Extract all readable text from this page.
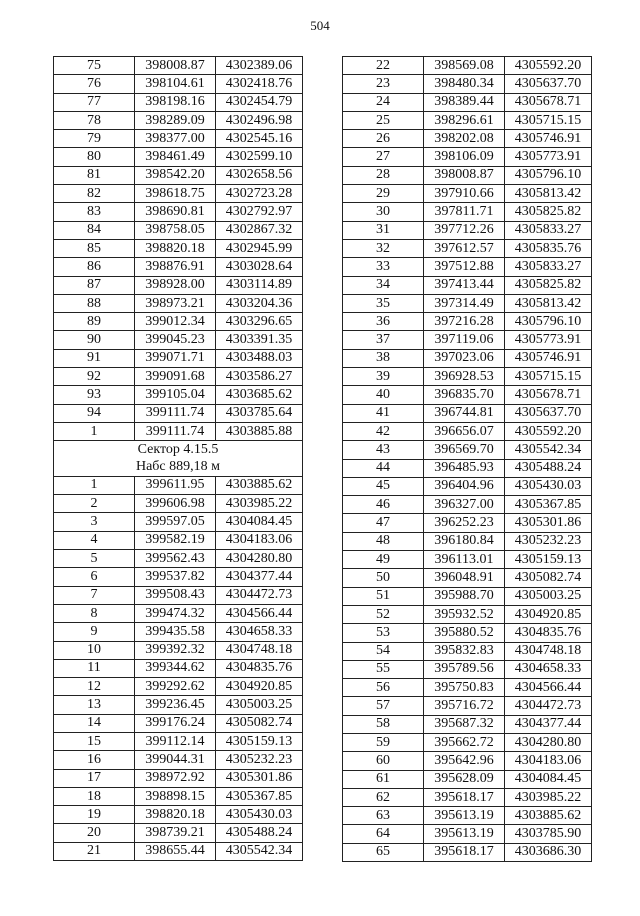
504
75	398008.87	4302389.06
76	398104.61	4302418.76
77	398198.16	4302454.79
78	398289.09	4302496.98
79	398377.00	4302545.16
80	398461.49	4302599.10
81	398542.20	4302658.56
82	398618.75	4302723.28
83	398690.81	4302792.97
84	398758.05	4302867.32
85	398820.18	4302945.99
86	398876.91	4303028.64
87	398928.00	4303114.89
88	398973.21	4303204.36
89	399012.34	4303296.65
90	399045.23	4303391.35
91	399071.71	4303488.03
92	399091.68	4303586.27
93	399105.04	4303685.62
94	399111.74	4303785.64
1	399111.74	4303885.88
Сектор 4.15.5		
Набс 889,18 м		
1	399611.95	4303885.62
2	399606.98	4303985.22
3	399597.05	4304084.45
4	399582.19	4304183.06
5	399562.43	4304280.80
6	399537.82	4304377.44
7	399508.43	4304472.73
8	399474.32	4304566.44
9	399435.58	4304658.33
10	399392.32	4304748.18
11	399344.62	4304835.76
12	399292.62	4304920.85
13	399236.45	4305003.25
14	399176.24	4305082.74
15	399112.14	4305159.13
16	399044.31	4305232.23
17	398972.92	4305301.86
18	398898.15	4305367.85
19	398820.18	4305430.03
20	398739.21	4305488.24
21	398655.44	4305542.34
22	398569.08	4305592.20
23	398480.34	4305637.70
24	398389.44	4305678.71
25	398296.61	4305715.15
26	398202.08	4305746.91
27	398106.09	4305773.91
28	398008.87	4305796.10
29	397910.66	4305813.42
30	397811.71	4305825.82
31	397712.26	4305833.27
32	397612.57	4305835.76
33	397512.88	4305833.27
34	397413.44	4305825.82
35	397314.49	4305813.42
36	397216.28	4305796.10
37	397119.06	4305773.91
38	397023.06	4305746.91
39	396928.53	4305715.15
40	396835.70	4305678.71
41	396744.81	4305637.70
42	396656.07	4305592.20
43	396569.70	4305542.34
44	396485.93	4305488.24
45	396404.96	4305430.03
46	396327.00	4305367.85
47	396252.23	4305301.86
48	396180.84	4305232.23
49	396113.01	4305159.13
50	396048.91	4305082.74
51	395988.70	4305003.25
52	395932.52	4304920.85
53	395880.52	4304835.76
54	395832.83	4304748.18
55	395789.56	4304658.33
56	395750.83	4304566.44
57	395716.72	4304472.73
58	395687.32	4304377.44
59	395662.72	4304280.80
60	395642.96	4304183.06
61	395628.09	4304084.45
62	395618.17	4303985.22
63	395613.19	4303885.62
64	395613.19	4303785.90
65	395618.17	4303686.30
